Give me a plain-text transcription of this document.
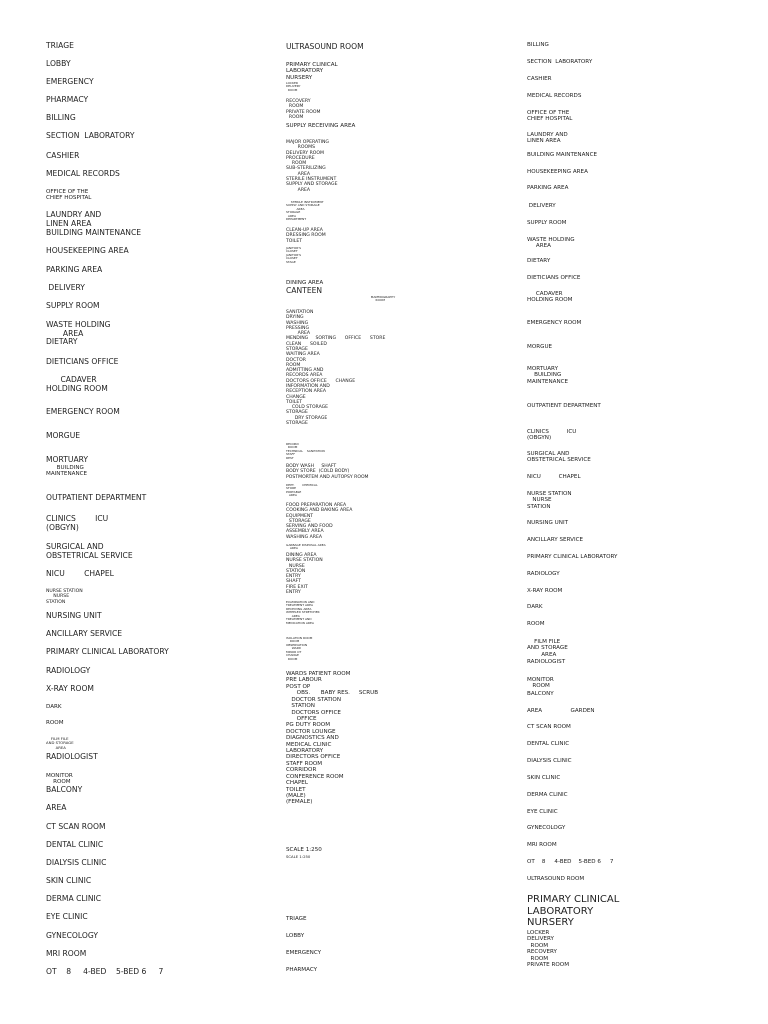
TRIAGE
LOBBY
EMERGENCY
PHARMACY
BILLING
SECTION  LABORATORY
CASHIER
MEDICAL RECORDS
OFFICE OF THE
CHIEF HOSPITAL
LAUNDRY AND
LINEN AREA
BUILDING MAINTENANCE
HOUSEKEEPING AREA
PARKING AREA
DELIVERY
SUPPLY ROOM
WASTE HOLDING
AREA
DIETARY
DIETICIANS OFFICE
CADAVER
HOLDING ROOM
EMERGENCY ROOM
MORGUE
MORTUARY
BUILDING
MAINTENANCE
OUTPATIENT DEPARTMENT
CLINICS        ICU
(OBGYN)
SURGICAL AND
OBSTETRICAL SERVICE
NICU        CHAPEL
NURSE STATION
NURSE
STATION
NURSING UNIT
ANCILLARY SERVICE
PRIMARY CLINICAL LABORATORY
RADIOLOGY
X-RAY ROOM
DARK
ROOM
FILM FILE
AND STORAGE
AREA
RADIOLOGIST
MONITOR
ROOM
BALCONY
AREA
CT SCAN ROOM
DENTAL CLINIC
DIALYSIS CLINIC
SKIN CLINIC
DERMA CLINIC
EYE CLINIC
GYNECOLOGY
MRI ROOM
OT    8     4-BED    5-BED 6     7
ULTRASOUND ROOM
PRIMARY CLINICAL
LABORATORY
NURSERY
LOCKER
DELIVERY
ROOM
RECOVERY
ROOM
PRIVATE ROOM
ROOM
SUPPLY RECEIVING AREA
MAJOR OPERATING
ROOMS
DELIVERY ROOM
PROCEDURE
ROOM
SUB-STERILIZING
AREA
STERILE INSTRUMENT
SUPPLY AND STORAGE
AREA
STERILE INSTRUMENT
SUPPLY AND STORAGE
AREA
STORAGE
AREA
DEPARTMENT
CLEAN-UP AREA
DRESSING ROOM
TOILET
JANITOR'S
CLOSET
JANITOR'S
CLOSET
STAGE
DINING AREA
CANTEEN
MAMMOGRAPHY
ROOM
SANITATION
DRYING
WASHING
PRESSING
AREA
MENDING     SORTING      OFFICE      STORE
CLEAN      SOILED
STORAGE
WAITING AREA
DOCTOR
ROOM
ADMITTING AND
RECORDS AREA
DOCTORS OFFICE      CHANGE
INFORMATION AND
RECEPTION AREA
CHANGE
TOILET
COLD STORAGE
STORAGE
DRY STORAGE
STORAGE
RECORD
ROOM
TECHNICAL    SANITATION
STAFF
REST
BODY WASH     SHAFT
BODY STORE  (COLD BODY)
POSTMORTEM AND AUTOPSY ROOM
DEPT.        CHEMICAL
STORE
PORTABLE
AREA
FOOD PREPARATION AREA
COOKING AND BAKING AREA
EQUIPMENT
STORAGE
SERVING AND FOOD
ASSEMBLY AREA
WASHING AREA
GARBAGE DISPOSAL AREA
AREA
DINING AREA
NURSE STATION
NURSE
STATION
ENTRY
SHAFT
FIRE EXIT
ENTRY
EXAMINATION AND
TREATMENT AREA
RECEIVING AREA
WHEELED STRETCHER
AREA
TREATMENT AND
MEDICATION AREA
ISOLATION ROOM
ROOM
OBSERVATION
WARD
MINOR OT
CHANGE
ROOM
WARDS PATIENT ROOM
PRE LABOUR
POST OP
OBS.      BABY RES.     SCRUB
DOCTOR STATION
STATION
DOCTORS OFFICE
OFFICE
PG DUTY ROOM
DOCTOR LOUNGE
DIAGNOSTICS AND
MEDICAL CLINIC
LABORATORY
DIRECTORS OFFICE
STAFF ROOM
CORRIDOR
CONFERENCE ROOM
CHAPEL
TOILET
(MALE)
(FEMALE)
SCALE 1:250
SCALE 1:250
TRIAGE
LOBBY
EMERGENCY
PHARMACY
BILLING
SECTION  LABORATORY
CASHIER
MEDICAL RECORDS
OFFICE OF THE
CHIEF HOSPITAL
LAUNDRY AND
LINEN AREA
BUILDING MAINTENANCE
HOUSEKEEPING AREA
PARKING AREA
DELIVERY
SUPPLY ROOM
WASTE HOLDING
AREA
DIETARY
DIETICIANS OFFICE
CADAVER
HOLDING ROOM
EMERGENCY ROOM
MORGUE
MORTUARY
BUILDING
MAINTENANCE
OUTPATIENT DEPARTMENT
CLINICS          ICU
(OBGYN)
SURGICAL AND
OBSTETRICAL SERVICE
NICU          CHAPEL
NURSE STATION
NURSE
STATION
NURSING UNIT
ANCILLARY SERVICE
PRIMARY CLINICAL LABORATORY
RADIOLOGY
X-RAY ROOM
DARK
ROOM
FILM FILE
AND STORAGE
AREA
RADIOLOGIST
MONITOR
ROOM
BALCONY
AREA                GARDEN
CT SCAN ROOM
DENTAL CLINIC
DIALYSIS CLINIC
SKIN CLINIC
DERMA CLINIC
EYE CLINIC
GYNECOLOGY
MRI ROOM
OT    8     4-BED    5-BED 6     7
ULTRASOUND ROOM
PRIMARY CLINICAL
LABORATORY
NURSERY
LOCKER
DELIVERY
ROOM
RECOVERY
ROOM
PRIVATE ROOM
